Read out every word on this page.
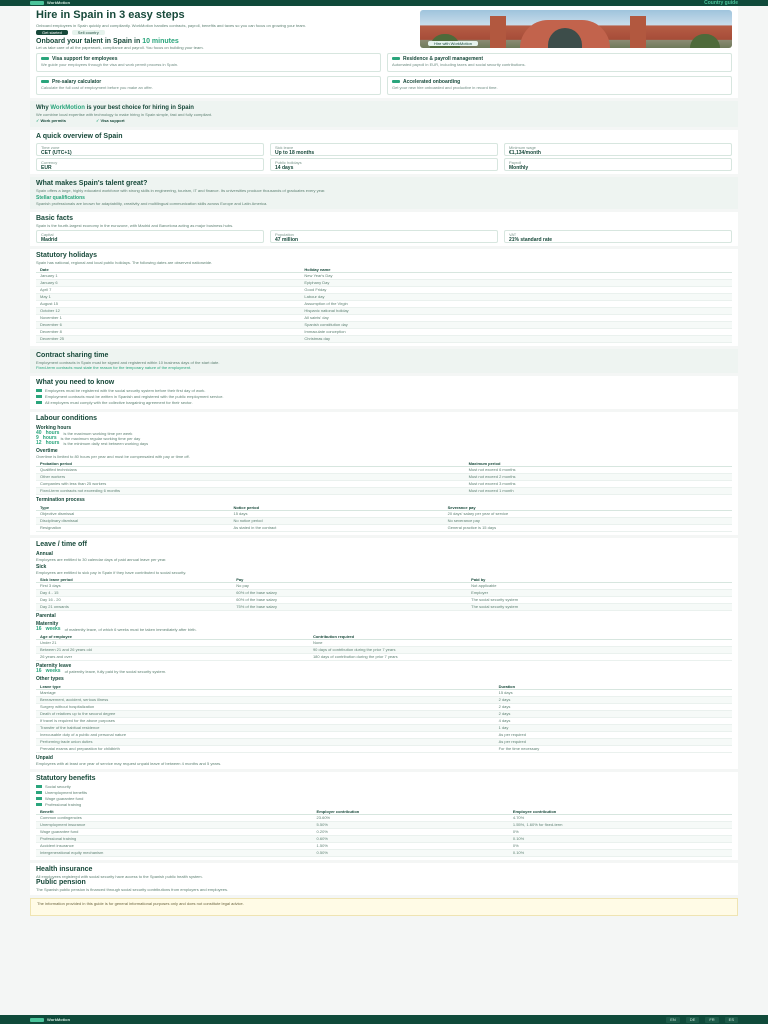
WorkMotion	Country guide
Hire in Spain in 3 easy steps
Onboard employees in Spain quickly and compliantly. WorkMotion handles contracts, payroll, benefits and taxes so you can focus on growing your team.
Get started	Sell country
Hire with WorkMotion
Onboard your talent in Spain in 10 minutes
Let us take care of all the paperwork, compliance and payroll. You focus on building your team.
Visa support for employees
We guide your employees through the visa and work permit process in Spain.
Residence & payroll management
Automated payroll in EUR, including taxes and social security contributions.
Pre-salary calculator
Calculate the full cost of employment before you make an offer.
Accelerated onboarding
Get your new hire onboarded and productive in record time.
Why WorkMotion is your best choice for hiring in Spain
We combine local expertise with technology to make hiring in Spain simple, fast and fully compliant.
✓ Work permits	✓ Visa support
A quick overview of Spain
Time zone
CET (UTC+1)
Sick leave
Up to 18 months
Minimum wage
€1,134/month
Currency
EUR
Public holidays
14 days
Payroll
Monthly
What makes Spain's talent great?
Spain offers a large, highly educated workforce with strong skills in engineering, tourism, IT and finance. Its universities produce thousands of graduates every year.
Stellar qualifications
Spanish professionals are known for adaptability, creativity and multilingual communication skills across Europe and Latin America.
Basic facts
Spain is the fourth-largest economy in the eurozone, with Madrid and Barcelona acting as major business hubs.
Capital
Madrid
Population
47 million
VAT
21% standard rate
Statutory holidays
Spain has national, regional and local public holidays. The following dates are observed nationwide.
Date	Holiday name
January 1	New Year's Day
January 6	Epiphany Day
April 7	Good Friday
May 1	Labour day
August 15	Assumption of the Virgin
October 12	Hispanic national holiday
November 1	All saints' day
December 6	Spanish constitution day
December 8	Immaculate conception
December 25	Christmas day
Contract sharing time
Employment contracts in Spain must be signed and registered within 10 business days of the start date.
Fixed-term contracts must state the reason for the temporary nature of the employment.
What you need to know
Employees must be registered with the social security system before their first day of work.
Employment contracts must be written in Spanish and registered with the public employment service.
All employers must comply with the collective bargaining agreement for their sector.
Labour conditions
Working hours
40 hours is the maximum working time per week
9 hours is the maximum regular working time per day
12 hours is the minimum daily rest between working days
Overtime
Overtime is limited to 80 hours per year and must be compensated with pay or time off.
Probation period	Maximum period
Qualified technicians	Must not exceed 6 months
Other workers	Must not exceed 2 months
Companies with less than 25 workers	Must not exceed 3 months
Fixed-term contracts not exceeding 6 months	Must not exceed 1 month
Termination process
Type	Notice period	Severance pay
Objective dismissal	15 days	20 days' salary per year of service
Disciplinary dismissal	No notice period	No severance pay
Resignation	As stated in the contract	General practice is 15 days
Leave / time off
Annual
Employees are entitled to 30 calendar days of paid annual leave per year.
Sick
Employees are entitled to sick pay in Spain if they have contributed to social security.
Sick leave period	Pay	Paid by
First 3 days	No pay	Not applicable
Day 4 - 15	60% of the base salary	Employer
Day 16 - 20	60% of the base salary	The social security system
Day 21 onwards	75% of the base salary	The social security system
Parental
Maternity
16 weeks of maternity leave, of which 6 weeks must be taken immediately after birth.
Age of employee	Contribution required
Under 21	None
Between 21 and 26 years old	90 days of contribution during the prior 7 years
26 years and over	180 days of contribution during the prior 7 years
Paternity leave
16 weeks of paternity leave, fully paid by the social security system.
Other types
Leave type	Duration
Marriage	15 days
Bereavement, accident, serious illness	2 days
Surgery without hospitalization	2 days
Death of relatives up to the second degree	2 days
If travel is required for the above purposes	4 days
Transfer of the habitual residence	1 day
Inexcusable duty of a public and personal nature	As per required
Performing trade union duties	As per required
Prenatal exams and preparation for childbirth	For the time necessary
Unpaid
Employees with at least one year of service may request unpaid leave of between 4 months and 5 years.
Statutory benefits
Social security
Unemployment benefits
Wage guarantee fund
Professional training
Benefit	Employer contribution	Employee contribution
Common contingencies	23.60%	4.70%
Unemployment insurance	5.50%	1.55%, 1.60% for fixed-term
Wage guarantee fund	0.20%	0%
Professional training	0.60%	0.10%
Accident insurance	1.50%	0%
Intergenerational equity mechanism	0.50%	0.10%
Health insurance
All employees registered with social security have access to the Spanish public health system.
Public pension
The Spanish public pension is financed through social security contributions from employers and employees.
The information provided in this guide is for general informational purposes only and does not constitute legal advice.
WorkMotion	EN	DE	FR	ES
